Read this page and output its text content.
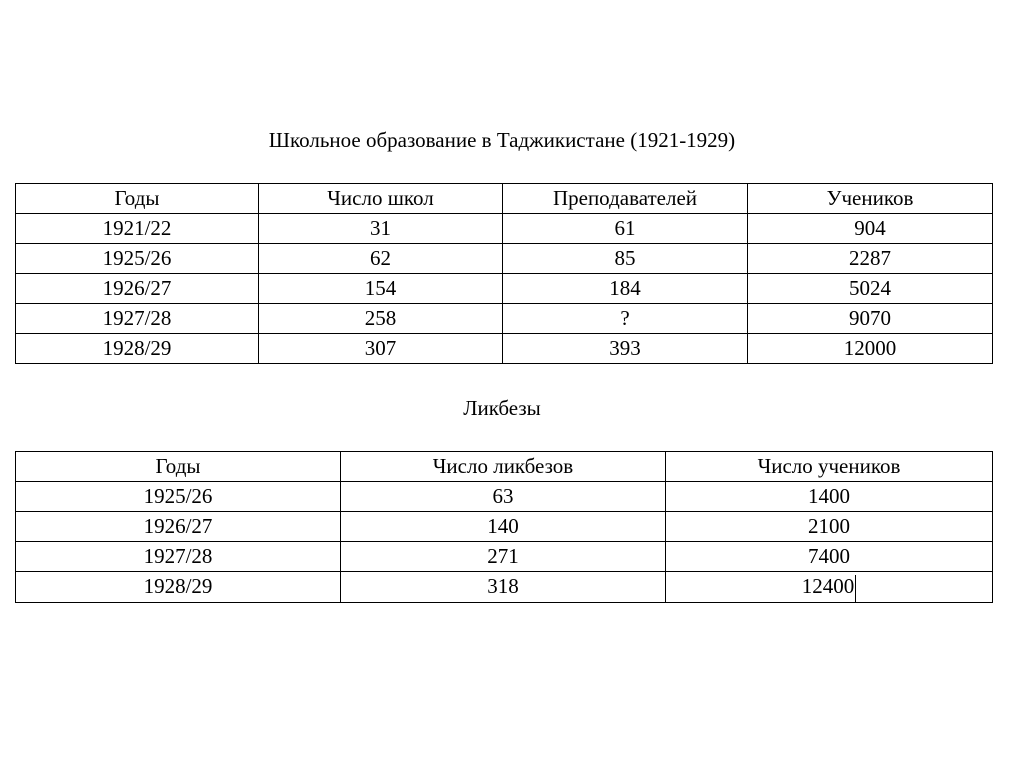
Школьное образование в Таджикистане (1921-1929)
Годы	Число школ	Преподавателей	Учеников
1921/22	31	61	904
1925/26	62	85	2287
1926/27	154	184	5024
1927/28	258	?	9070
1928/29	307	393	12000
Ликбезы
Годы	Число ликбезов	Число учеников
1925/26	63	1400
1926/27	140	2100
1927/28	271	7400
1928/29	318	12400
